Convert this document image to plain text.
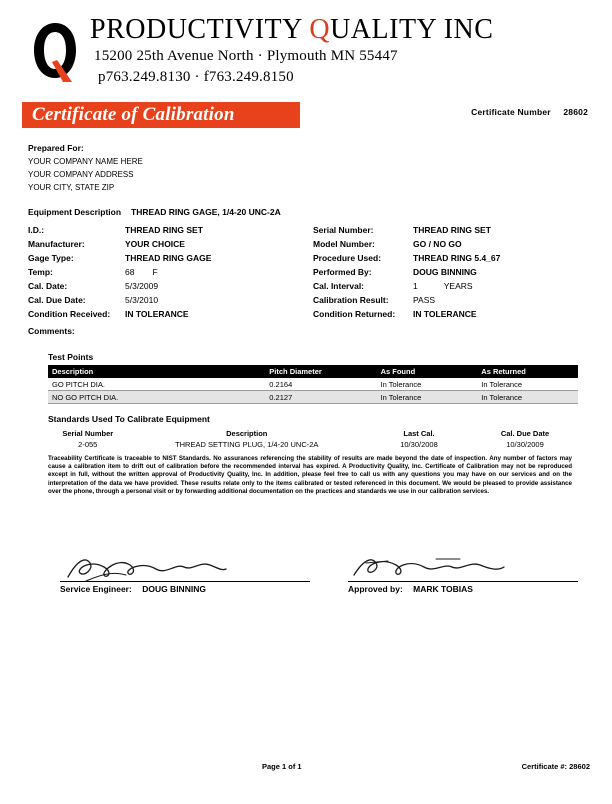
PRODUCTIVITY QUALITY INC
15200 25th Avenue North · Plymouth MN 55447
p763.249.8130 · f763.249.8150
Certificate of Calibration	Certificate Number 28602
Prepared For:
YOUR COMPANY NAME HERE
YOUR COMPANY ADDRESS
YOUR CITY, STATE ZIP
Equipment Description	THREAD RING GAGE, 1/4-20 UNC-2A
I.D.:	THREAD RING SET
Manufacturer:	YOUR CHOICE
Gage Type:	THREAD RING GAGE
Temp:	68 F
Cal. Date:	5/3/2009
Cal. Due Date:	5/3/2010
Condition Received:	IN TOLERANCE
Serial Number:	THREAD RING SET
Model Number:	GO / NO GO
Procedure Used:	THREAD RING 5.4_67
Performed By:	DOUG BINNING
Cal. Interval:	1	YEARS
Calibration Result:	PASS
Condition Returned:	IN TOLERANCE
Comments:
Test Points
Description	Pitch Diameter	As Found	As Returned
GO PITCH DIA.	0.2164	In Tolerance	In Tolerance
NO GO PITCH DIA.	0.2127	In Tolerance	In Tolerance
Standards Used To Calibrate Equipment
Serial Number	Description	Last Cal.	Cal. Due Date
2-055	THREAD SETTING PLUG, 1/4-20 UNC-2A	10/30/2008	10/30/2009
Traceability Certificate is traceable to NIST Standards. No assurances referencing the stability of results are made beyond the date of inspection. Any number of factors may cause a calibration item to drift out of calibration before the recommended interval has expired. A Productivity Quality, Inc. Certificate of Calibration may not be reproduced except in full, without the written approval of Productivity Quality, Inc. In addition, please feel free to call us with any questions you may have on our services and on the interpretation of the data we have provided. These results relate only to the items calibrated or tested referenced in this document. We would be pleased to provide assistance over the phone, through a personal visit or by forwarding additional documentation on the practices and standards we use in our calibration services.
Service Engineer: DOUG BINNING	Approved by: MARK TOBIAS
Page 1 of 1	Certificate #: 28602
